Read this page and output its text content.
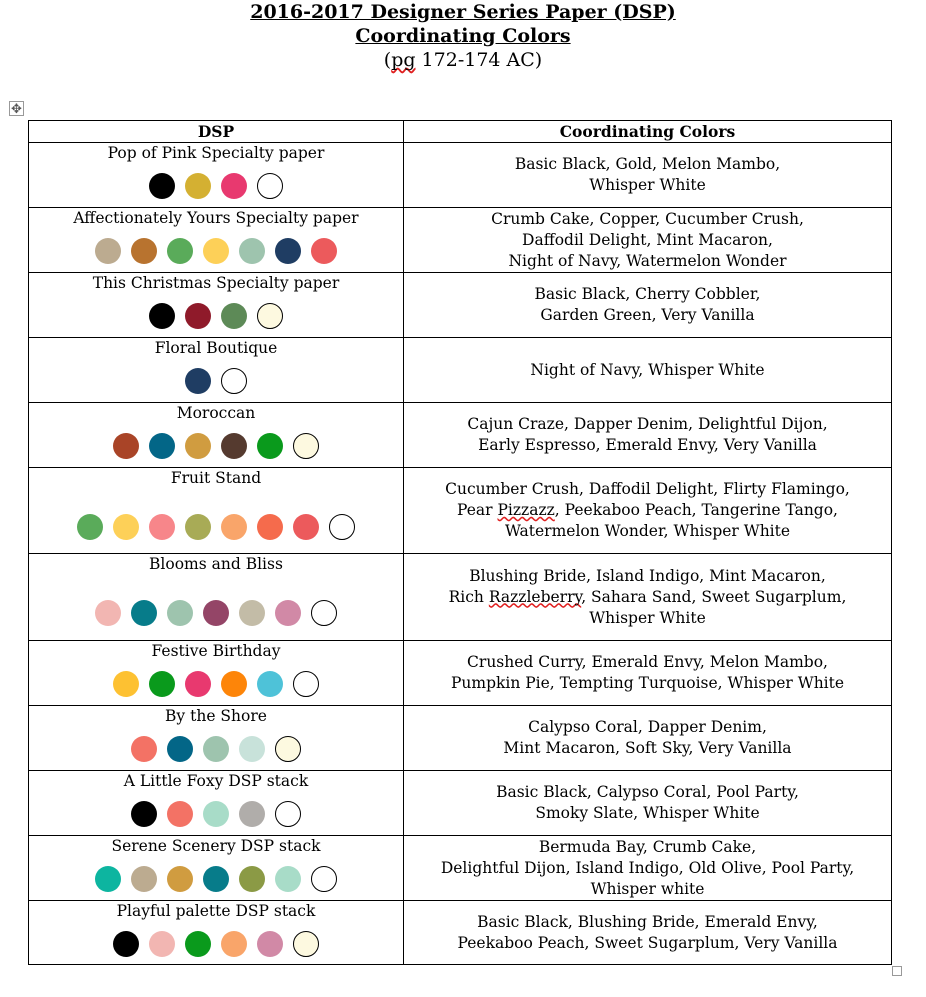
2016-2017 Designer Series Paper (DSP)
Coordinating Colors
(pg 172-174 AC)
✥
DSP	Coordinating Colors

Pop of Pink Specialty paper	Basic Black, Gold, Melon Mambo,
Whisper White

Affectionately Yours Specialty paper	Crumb Cake, Copper, Cucumber Crush,
Daffodil Delight, Mint Macaron,
Night of Navy, Watermelon Wonder

This Christmas Specialty paper	Basic Black, Cherry Cobbler,
Garden Green, Very Vanilla

Floral Boutique	Night of Navy, Whisper White

Moroccan	Cajun Craze, Dapper Denim, Delightful Dijon,
Early Espresso, Emerald Envy, Very Vanilla

Fruit Stand	Cucumber Crush, Daffodil Delight, Flirty Flamingo,
Pear Pizzazz, Peekaboo Peach, Tangerine Tango,
Watermelon Wonder, Whisper White

Blooms and Bliss	Blushing Bride, Island Indigo, Mint Macaron,
Rich Razzleberry, Sahara Sand, Sweet Sugarplum,
Whisper White

Festive Birthday	Crushed Curry, Emerald Envy, Melon Mambo,
Pumpkin Pie, Tempting Turquoise, Whisper White

By the Shore	Calypso Coral, Dapper Denim,
Mint Macaron, Soft Sky, Very Vanilla

A Little Foxy DSP stack	Basic Black, Calypso Coral, Pool Party,
Smoky Slate, Whisper White

Serene Scenery DSP stack	Bermuda Bay, Crumb Cake,
Delightful Dijon, Island Indigo, Old Olive, Pool Party,
Whisper white

Playful palette DSP stack	Basic Black, Blushing Bride, Emerald Envy,
Peekaboo Peach, Sweet Sugarplum, Very Vanilla
